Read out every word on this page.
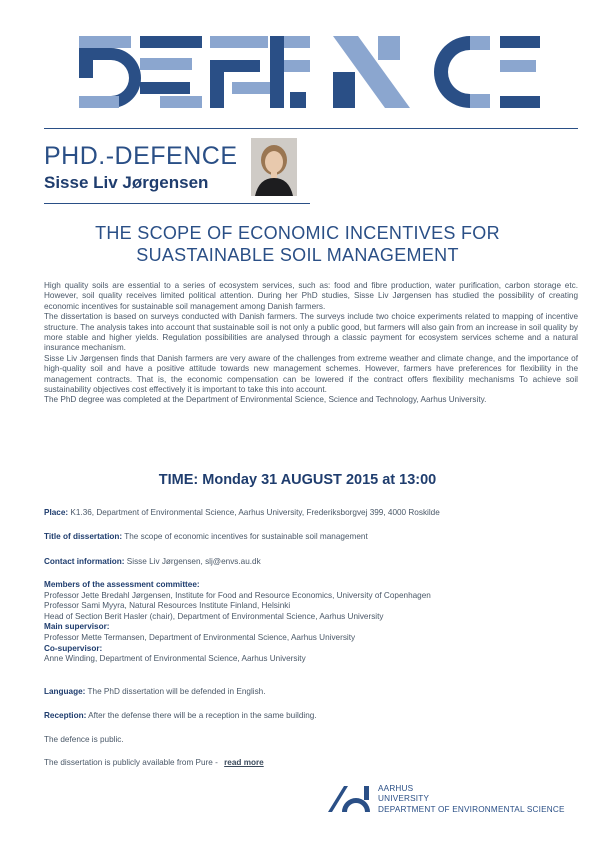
PHD.-DEFENCE
Sisse Liv Jørgensen
THE SCOPE OF ECONOMIC INCENTIVES FOR
SUASTAINABLE SOIL MANAGEMENT

High quality soils are essential to a series of ecosystem services, such as: food and fibre production, water purification, carbon storage etc. However, soil quality receives limited political attention. During her PhD studies, Sisse Liv Jørgensen has studied the possibility of creating economic incentives for sustainable soil management among Danish farmers.

The dissertation is based on surveys conducted with Danish farmers. The surveys include two choice experiments related to mapping of incentive structure. The analysis takes into account that sustainable soil is not only a public good, but farmers will also gain from an increase in soil quality by more stable and higher yields. Regulation possibilities are analysed through a classic payment for ecosystem services scheme and a natural insurance mechanism.

Sisse Liv Jørgensen finds that Danish farmers are very aware of the challenges from extreme weather and climate change, and the importance of high-quality soil and have a positive attitude towards new management schemes. However, farmers have preferences for flexibility in the management contracts. That is, the economic compensation can be lowered if the contract offers flexibility mechanisms To achieve soil sustainability objectives cost effectively it is important to take this into account.

The PhD degree was completed at the Department of Environmental Science, Science and Technology, Aarhus University.

TIME: Monday 31 AUGUST 2015 at 13:00
Place: K1.36, Department of Environmental Science, Aarhus University, Frederiksborgvej 399, 4000 Roskilde
Title of dissertation: The scope of economic incentives for sustainable soil management
Contact information: Sisse Liv Jørgensen, slj@envs.au.dk
Members of the assessment committee:
Professor Jette Bredahl Jørgensen, Institute for Food and Resource Economics, University of Copenhagen
Professor Sami Myyra, Natural Resources Institute Finland, Helsinki
Head of Section Berit Hasler (chair), Department of Environmental Science, Aarhus University
Main supervisor:
Professor Mette Termansen, Department of Environmental Science, Aarhus University
Co-supervisor:
Anne Winding, Department of Environmental Science, Aarhus University
Language: The PhD dissertation will be defended in English.
Reception: After the defense there will be a reception in the same building.
The defence is public.
The dissertation is publicly available from Pure - read more
AARHUS
UNIVERSITY
DEPARTMENT OF ENVIRONMENTAL SCIENCE
